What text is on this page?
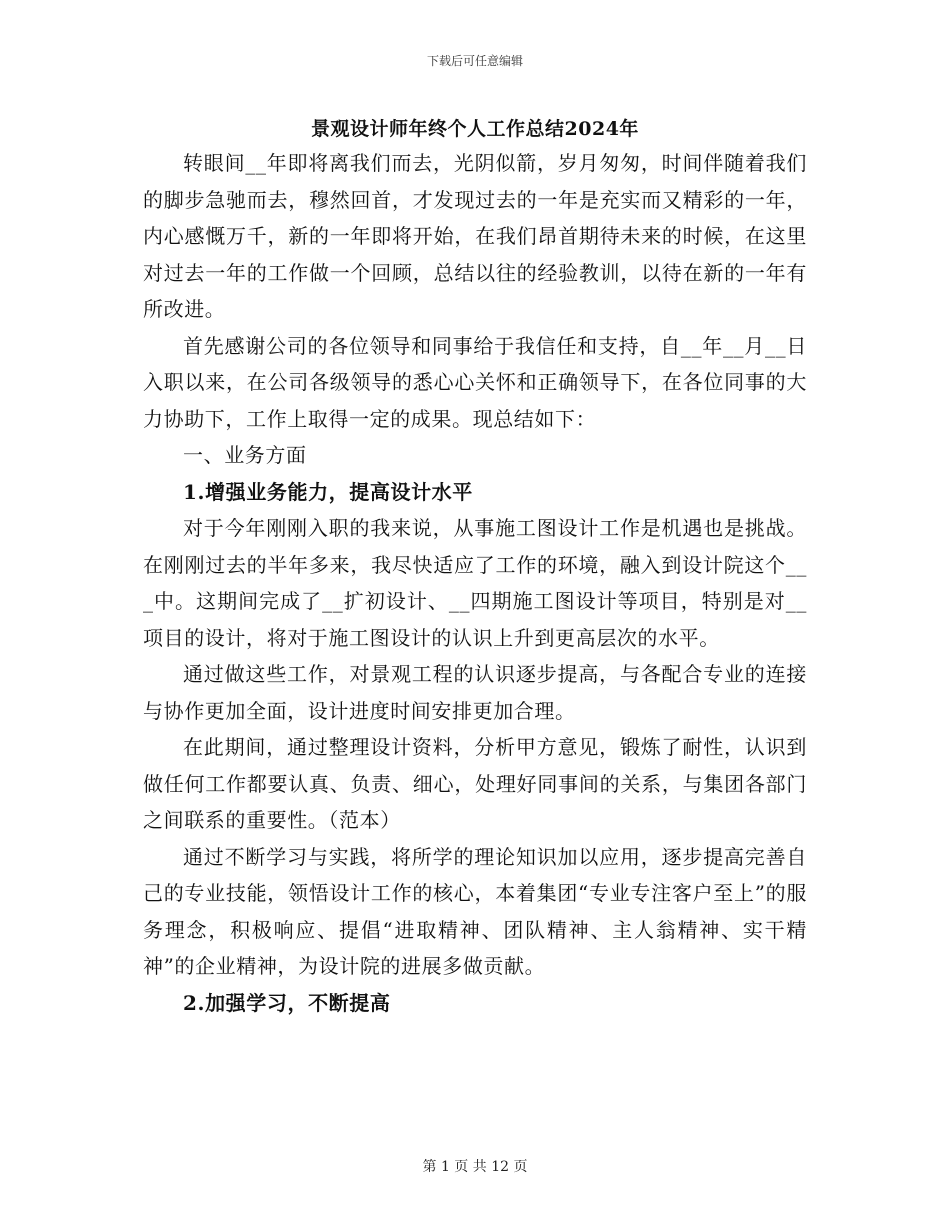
下载后可任意编辑
景观设计师年终个人工作总结2024年

转眼间__年即将离我们而去，光阴似箭，岁月匆匆，时间伴随着我们的脚步急驰而去，穆然回首，才发现过去的一年是充实而又精彩的一年，内心感慨万千，新的一年即将开始，在我们昂首期待未来的时候，在这里对过去一年的工作做一个回顾，总结以往的经验教训，以待在新的一年有所改进。

首先感谢公司的各位领导和同事给于我信任和支持，自__年__月__日入职以来，在公司各级领导的悉心心关怀和正确领导下，在各位同事的大力协助下，工作上取得一定的成果。现总结如下：

一、业务方面

1.增强业务能力，提高设计水平

对于今年刚刚入职的我来说，从事施工图设计工作是机遇也是挑战。在刚刚过去的半年多来，我尽快适应了工作的环境，融入到设计院这个___中。这期间完成了__扩初设计、__四期施工图设计等项目，特别是对__项目的设计，将对于施工图设计的认识上升到更高层次的水平。

通过做这些工作，对景观工程的认识逐步提高，与各配合专业的连接与协作更加全面，设计进度时间安排更加合理。

在此期间，通过整理设计资料，分析甲方意见，锻炼了耐性，认识到做任何工作都要认真、负责、细心，处理好同事间的关系，与集团各部门之间联系的重要性。（范本）

通过不断学习与实践，将所学的理论知识加以应用，逐步提高完善自己的专业技能，领悟设计工作的核心，本着集团“专业专注客户至上”的服务理念，积极响应、提倡“进取精神、团队精神、主人翁精神、实干精神”的企业精神，为设计院的进展多做贡献。

2.加强学习，不断提高

第 1 页 共 12 页
